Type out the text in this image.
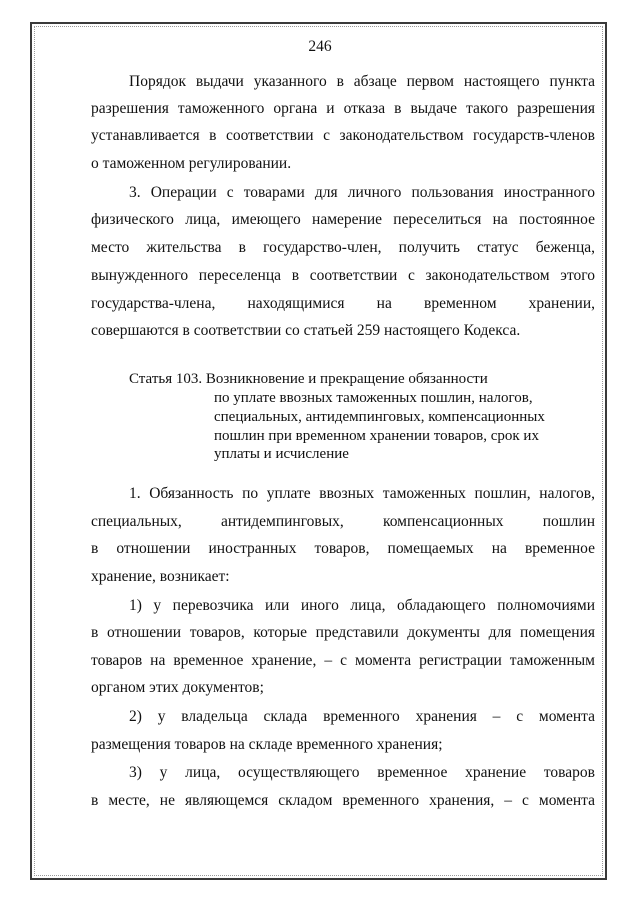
246
Порядок выдачи указанного в абзаце первом настоящего пункта
разрешения таможенного органа и отказа в выдаче такого разрешения
устанавливается в соответствии с законодательством государств-членов
о таможенном регулировании.
3. Операции с товарами для личного пользования иностранного
физического лица, имеющего намерение переселиться на постоянное
место жительства в государство-член, получить статус беженца,
вынужденного переселенца в соответствии с законодательством этого
государства-члена, находящимися на временном хранении,
совершаются в соответствии со статьей 259 настоящего Кодекса.
Статья 103. Возникновение и прекращение обязанности
по уплате ввозных таможенных пошлин, налогов,
специальных, антидемпинговых, компенсационных
пошлин при временном хранении товаров, срок их
уплаты и исчисление
1. Обязанность по уплате ввозных таможенных пошлин, налогов,
специальных, антидемпинговых, компенсационных пошлин
в отношении иностранных товаров, помещаемых на временное
хранение, возникает:
1) у перевозчика или иного лица, обладающего полномочиями
в отношении товаров, которые представили документы для помещения
товаров на временное хранение, – с момента регистрации таможенным
органом этих документов;
2) у владельца склада временного хранения – с момента
размещения товаров на складе временного хранения;
3) у лица, осуществляющего временное хранение товаров
в месте, не являющемся складом временного хранения, – с момента
